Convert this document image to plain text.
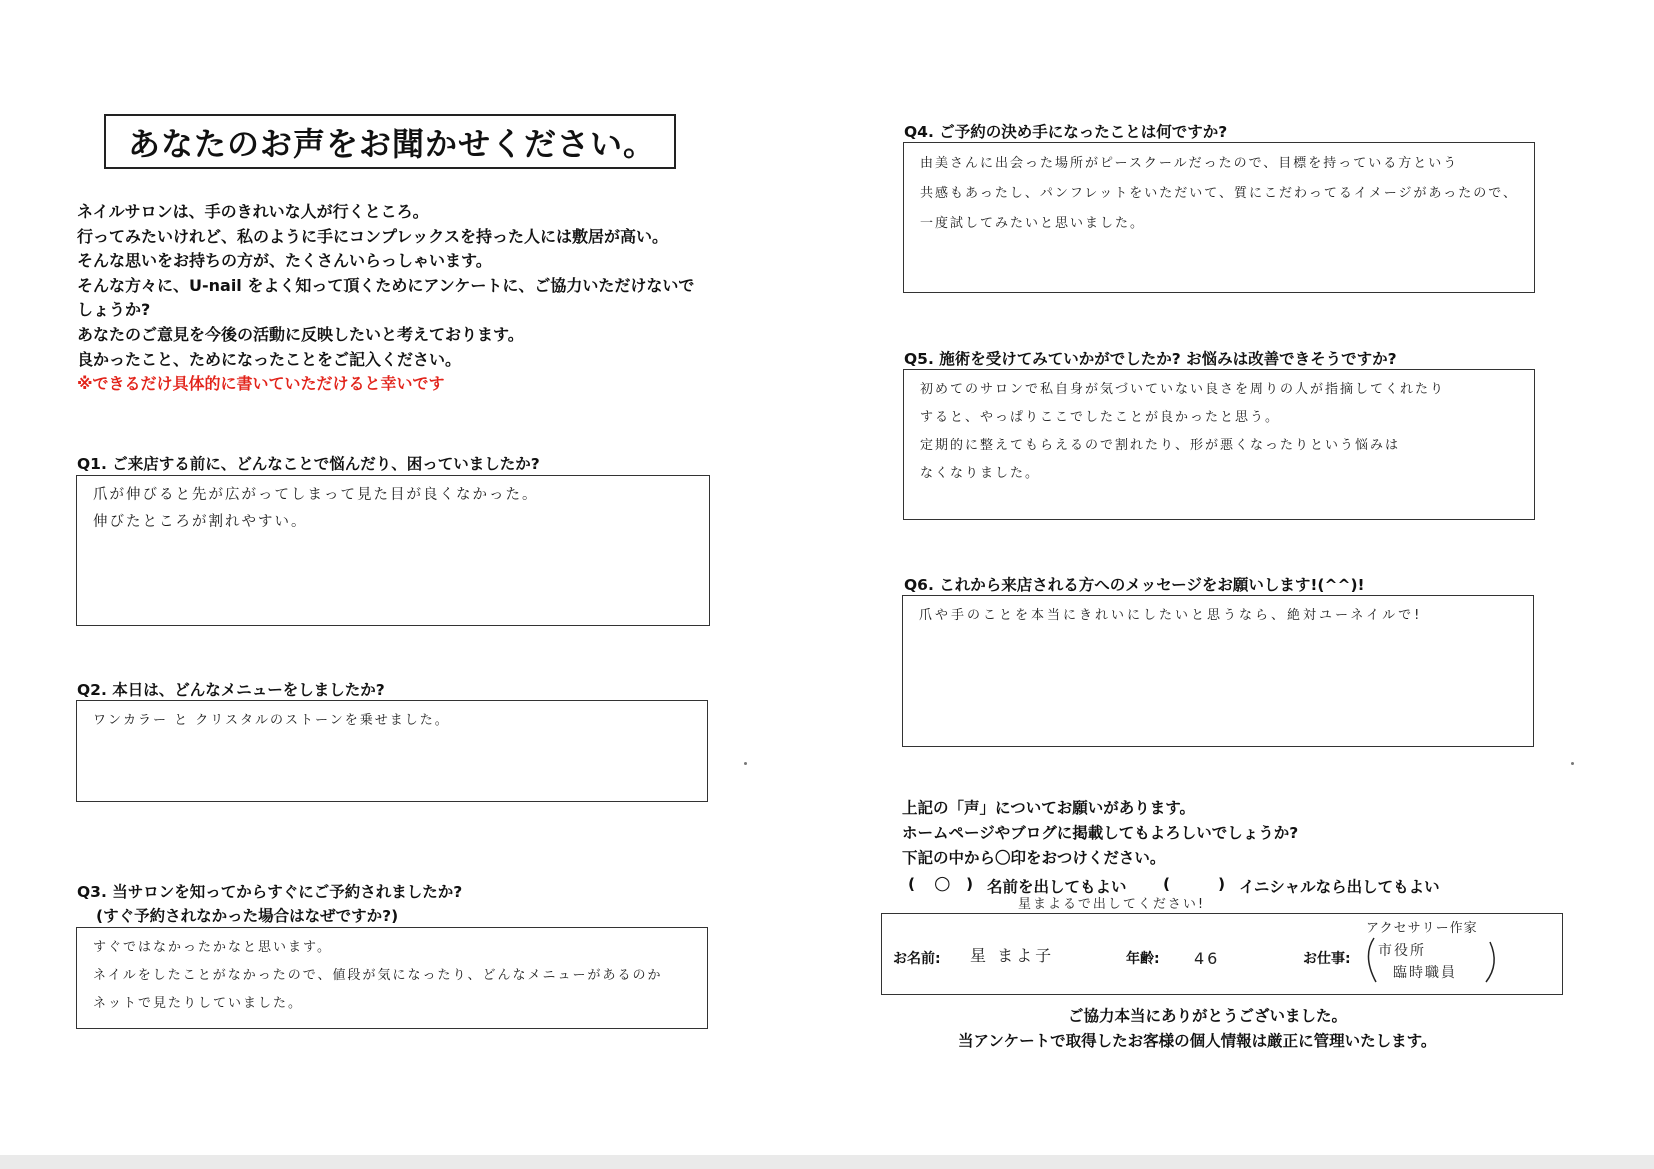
あなたのお声をお聞かせください。
ネイルサロンは、手のきれいな人が行くところ。
行ってみたいけれど、私のように手にコンプレックスを持った人には敷居が高い。
そんな思いをお持ちの方が、たくさんいらっしゃいます。
そんな方々に、U-nail をよく知って頂くためにアンケートに、ご協力いただけないで
しょうか?
あなたのご意見を今後の活動に反映したいと考えております。
良かったこと、ためになったことをご記入ください。
※できるだけ具体的に書いていただけると幸いです
Q1. ご来店する前に、どんなことで悩んだり、困っていましたか?
爪が伸びると先が広がってしまって見た目が良くなかった。
伸びたところが割れやすい。
Q2. 本日は、どんなメニューをしましたか?
ワンカラー と クリスタルのストーンを乗せました。
Q3. 当サロンを知ってからすぐにご予約されましたか?
(すぐ予約されなかった場合はなぜですか?)
すぐではなかったかなと思います。
ネイルをしたことがなかったので、値段が気になったり、どんなメニューがあるのか
ネットで見たりしていました。
Q4. ご予約の決め手になったことは何ですか?
由美さんに出会った場所がピースクールだったので、目標を持っている方という
共感もあったし、パンフレットをいただいて、質にこだわってるイメージがあったので、
一度試してみたいと思いました。
Q5. 施術を受けてみていかがでしたか? お悩みは改善できそうですか?
初めてのサロンで私自身が気づいていない良さを周りの人が指摘してくれたり
すると、やっぱりここでしたことが良かったと思う。
定期的に整えてもらえるので割れたり、形が悪くなったりという悩みは
なくなりました。
Q6. これから来店される方へのメッセージをお願いします!(^^)!
爪や手のことを本当にきれいにしたいと思うなら、絶対ユーネイルで!
上記の「声」についてお願いがあります。
ホームページやブログに掲載してもよろしいでしょうか?
下記の中から〇印をおつけください。
( ○ ) 名前を出してもよい (	) イニシャルなら出してもよい
星まよるで出してください!
お名前: 星 まよ子	年齢: 46	お仕事:
アクセサリー作家
市役所
臨時職員
ご協力本当にありがとうございました。
当アンケートで取得したお客様の個人情報は厳正に管理いたします。
